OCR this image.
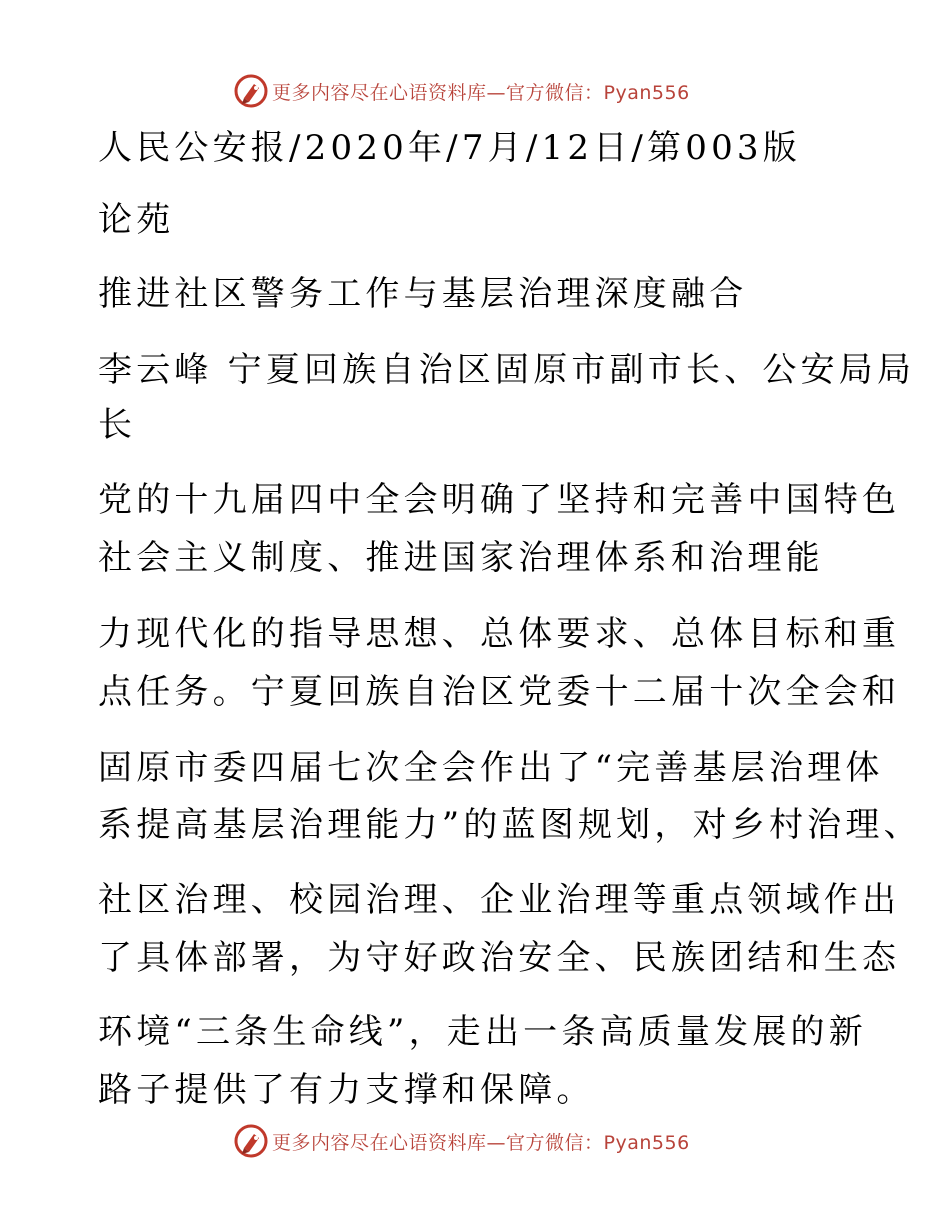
更多内容尽在心语资料库—官方微信：Pyan556
人民公安报/2020年/7月/12日/第003版
论苑
推进社区警务工作与基层治理深度融合
李云峰 宁夏回族自治区固原市副市长、公安局局
长
党的十九届四中全会明确了坚持和完善中国特色
社会主义制度、推进国家治理体系和治理能
力现代化的指导思想、总体要求、总体目标和重
点任务。宁夏回族自治区党委十二届十次全会和
固原市委四届七次全会作出了“完善基层治理体
系提高基层治理能力”的蓝图规划，对乡村治理、
社区治理、校园治理、企业治理等重点领域作出
了具体部署，为守好政治安全、民族团结和生态
环境“三条生命线”，走出一条高质量发展的新
路子提供了有力支撑和保障。
更多内容尽在心语资料库—官方微信：Pyan556
